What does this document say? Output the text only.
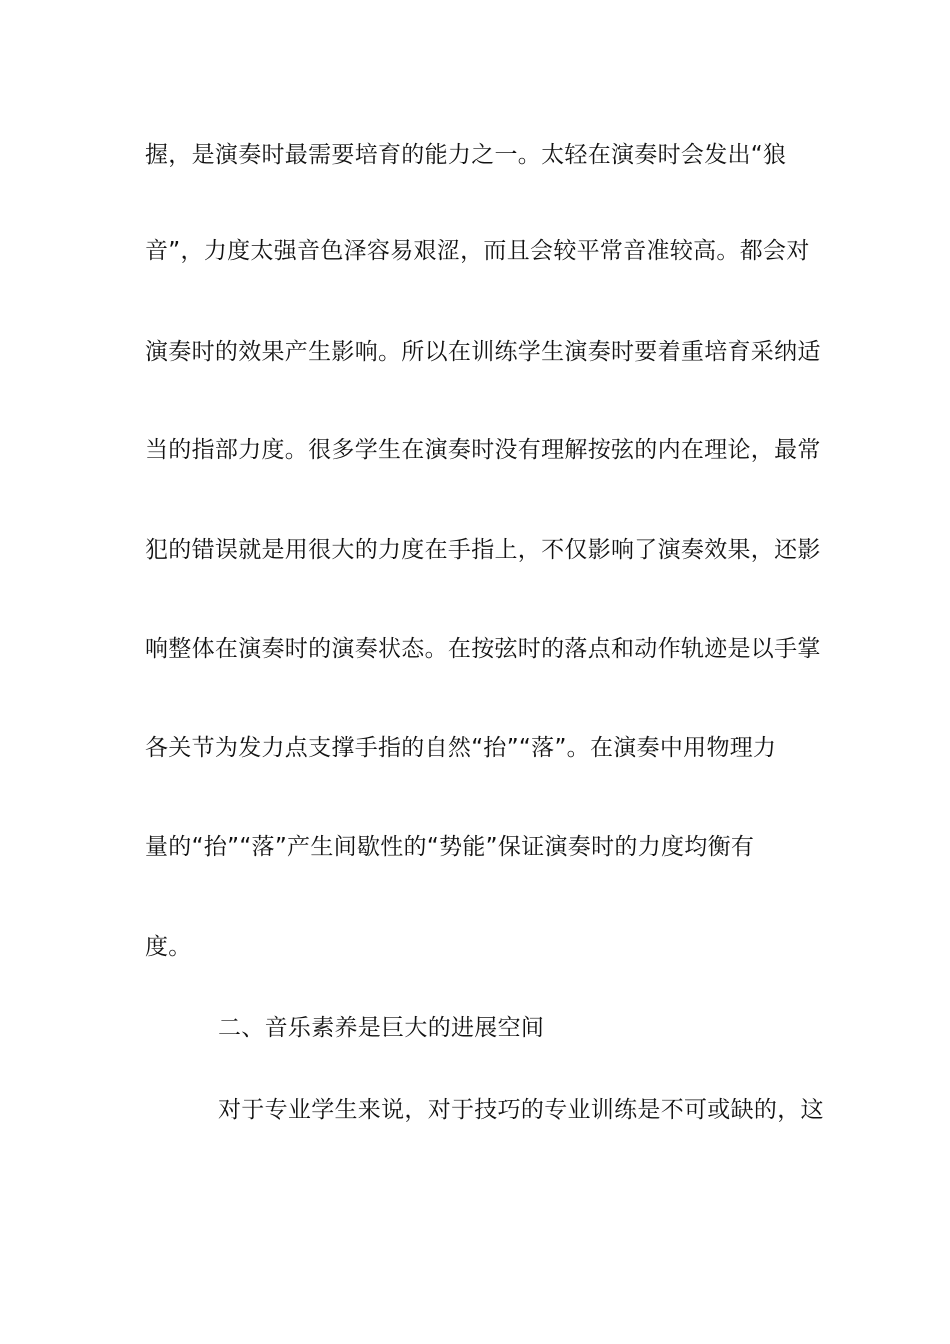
握，是演奏时最需要培育的能力之一。太轻在演奏时会发出“狼
音”，力度太强音色泽容易艰涩，而且会较平常音准较高。都会对
演奏时的效果产生影响。所以在训练学生演奏时要着重培育采纳适
当的指部力度。很多学生在演奏时没有理解按弦的内在理论，最常
犯的错误就是用很大的力度在手指上，不仅影响了演奏效果，还影
响整体在演奏时的演奏状态。在按弦时的落点和动作轨迹是以手掌
各关节为发力点支撑手指的自然“抬”“落”。在演奏中用物理力
量的“抬”“落”产生间歇性的“势能”保证演奏时的力度均衡有
度。
二、音乐素养是巨大的进展空间
对于专业学生来说，对于技巧的专业训练是不可或缺的，这
